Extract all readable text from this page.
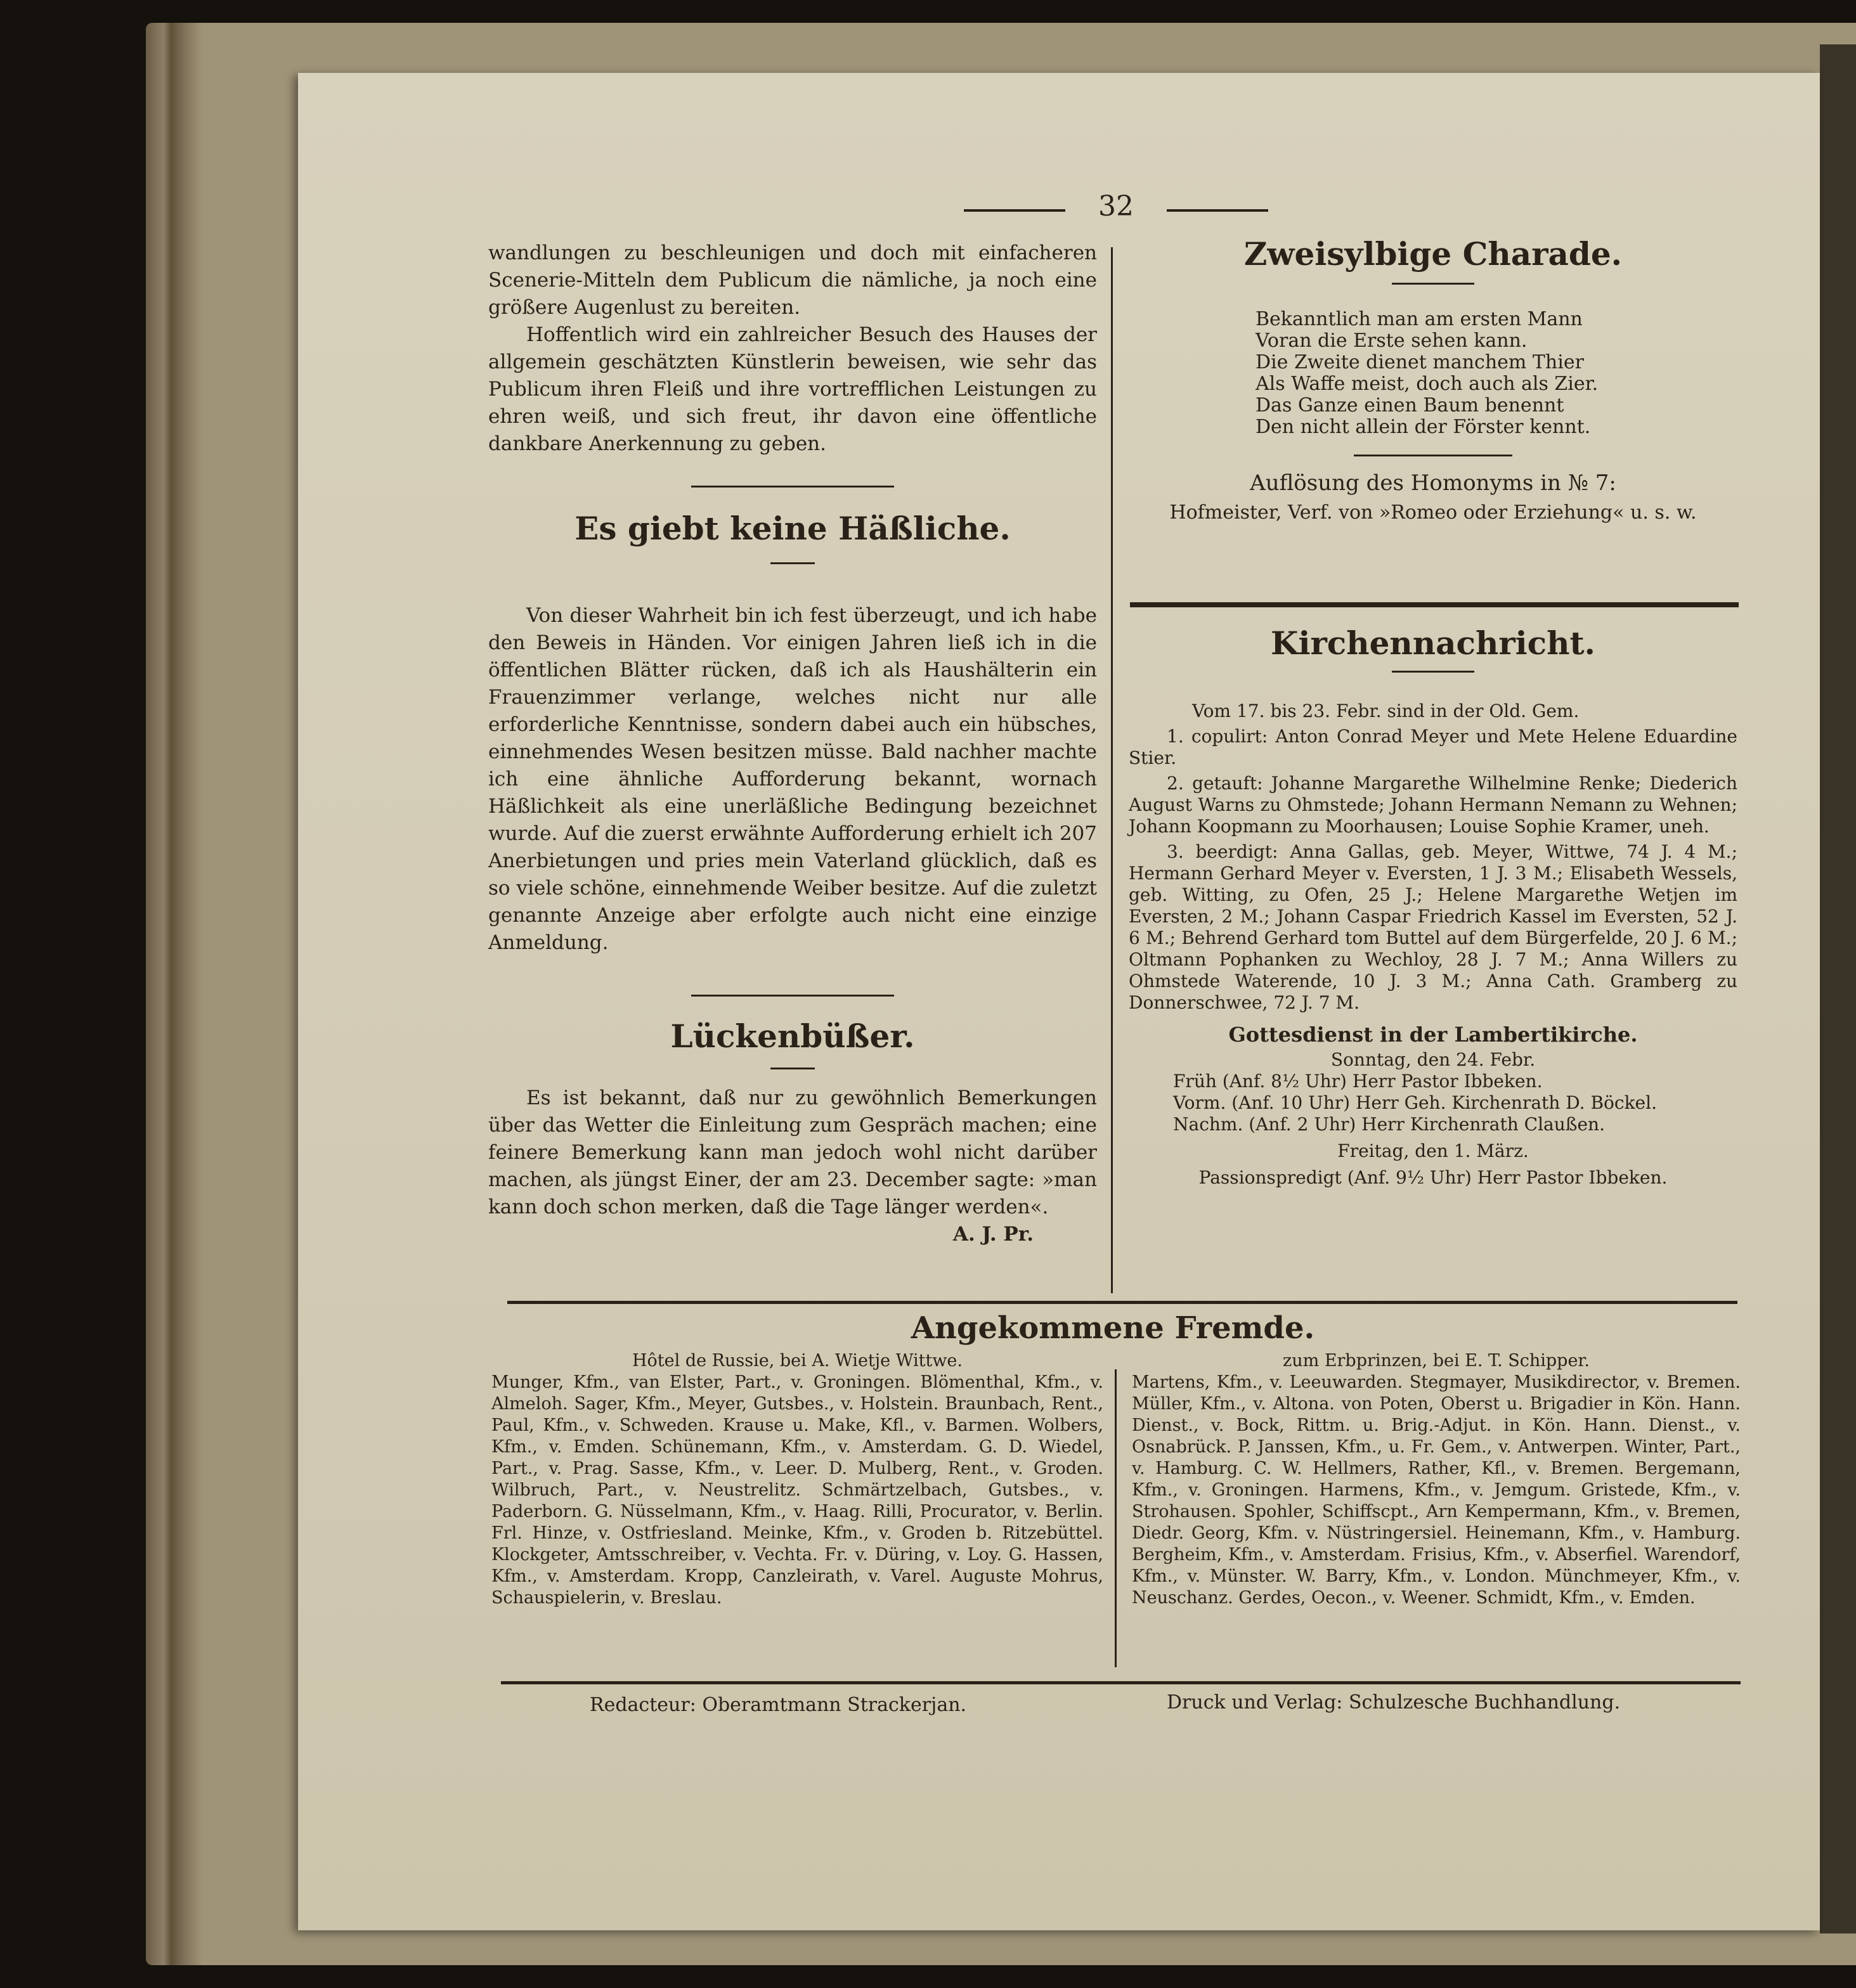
32

wandlungen zu beschleunigen und doch mit einfacheren Scenerie-Mitteln dem Publicum die nämliche, ja noch eine größere Augenlust zu bereiten.

Hoffentlich wird ein zahlreicher Besuch des Hauses der allgemein geschätzten Künstlerin beweisen, wie sehr das Publicum ihren Fleiß und ihre vortrefflichen Leistungen zu ehren weiß, und sich freut, ihr davon eine öffentliche dankbare Anerkennung zu geben.

Es giebt keine Häßliche.

Von dieser Wahrheit bin ich fest überzeugt, und ich habe den Beweis in Händen. Vor einigen Jahren ließ ich in die öffentlichen Blätter rücken, daß ich als Haushälterin ein Frauenzimmer verlange, welches nicht nur alle erforderliche Kenntnisse, sondern dabei auch ein hübsches, einnehmendes Wesen besitzen müsse. Bald nachher machte ich eine ähnliche Aufforderung bekannt, wornach Häßlichkeit als eine unerläßliche Bedingung bezeichnet wurde. Auf die zuerst erwähnte Aufforderung erhielt ich 207 Anerbietungen und pries mein Vaterland glücklich, daß es so viele schöne, einnehmende Weiber besitze. Auf die zuletzt genannte Anzeige aber erfolgte auch nicht eine einzige Anmeldung.

Lückenbüßer.

Es ist bekannt, daß nur zu gewöhnlich Bemerkungen über das Wetter die Einleitung zum Gespräch machen; eine feinere Bemerkung kann man jedoch wohl nicht darüber machen, als jüngst Einer, der am 23. December sagte: »man kann doch schon merken, daß die Tage länger werden«.

A. J. Pr.
Zweisylbige Charade.
Bekanntlich man am ersten Mann
Voran die Erste sehen kann.
Die Zweite dienet manchem Thier
Als Waffe meist, doch auch als Zier.
Das Ganze einen Baum benennt
Den nicht allein der Förster kennt.
Auflösung des Homonyms in № 7:
Hofmeister, Verf. von »Romeo oder Erziehung« u. s. w.
Kirchennachricht.

Vom 17. bis 23. Febr. sind in der Old. Gem.

1. copulirt: Anton Conrad Meyer und Mete Helene Eduardine Stier.

2. getauft: Johanne Margarethe Wilhelmine Renke; Diederich August Warns zu Ohmstede; Johann Hermann Nemann zu Wehnen; Johann Koopmann zu Moorhausen; Louise Sophie Kramer, uneh.

3. beerdigt: Anna Gallas, geb. Meyer, Wittwe, 74 J. 4 M.; Hermann Gerhard Meyer v. Eversten, 1 J. 3 M.; Elisabeth Wessels, geb. Witting, zu Ofen, 25 J.; Helene Margarethe Wetjen im Eversten, 2 M.; Johann Caspar Friedrich Kassel im Eversten, 52 J. 6 M.; Behrend Gerhard tom Buttel auf dem Bürgerfelde, 20 J. 6 M.; Oltmann Pophanken zu Wechloy, 28 J. 7 M.; Anna Willers zu Ohmstede Waterende, 10 J. 3 M.; Anna Cath. Gramberg zu Donnerschwee, 72 J. 7 M.

Gottesdienst in der Lambertikirche.
Sonntag, den 24. Febr.
Früh (Anf. 8½ Uhr) Herr Pastor Ibbeken.
Vorm. (Anf. 10 Uhr) Herr Geh. Kirchenrath D. Böckel.
Nachm. (Anf. 2 Uhr) Herr Kirchenrath Claußen.
Freitag, den 1. März.
Passionspredigt (Anf. 9½ Uhr) Herr Pastor Ibbeken.
Angekommene Fremde.
Hôtel de Russie, bei A. Wietje Wittwe.

Munger, Kfm., van Elster, Part., v. Groningen. Blömenthal, Kfm., v. Almeloh. Sager, Kfm., Meyer, Gutsbes., v. Holstein. Braunbach, Rent., Paul, Kfm., v. Schweden. Krause u. Make, Kfl., v. Barmen. Wolbers, Kfm., v. Emden. Schünemann, Kfm., v. Amsterdam. G. D. Wiedel, Part., v. Prag. Sasse, Kfm., v. Leer. D. Mulberg, Rent., v. Groden. Wilbruch, Part., v. Neustrelitz. Schmärtzelbach, Gutsbes., v. Paderborn. G. Nüsselmann, Kfm., v. Haag. Rilli, Procurator, v. Berlin. Frl. Hinze, v. Ostfriesland. Meinke, Kfm., v. Groden b. Ritzebüttel. Klockgeter, Amtsschreiber, v. Vechta. Fr. v. Düring, v. Loy. G. Hassen, Kfm., v. Amsterdam. Kropp, Canzleirath, v. Varel. Auguste Mohrus, Schauspielerin, v. Breslau.

zum Erbprinzen, bei E. T. Schipper.

Martens, Kfm., v. Leeuwarden. Stegmayer, Musikdirector, v. Bremen. Müller, Kfm., v. Altona. von Poten, Oberst u. Brigadier in Kön. Hann. Dienst., v. Bock, Rittm. u. Brig.-Adjut. in Kön. Hann. Dienst., v. Osnabrück. P. Janssen, Kfm., u. Fr. Gem., v. Antwerpen. Winter, Part., v. Hamburg. C. W. Hellmers, Rather, Kfl., v. Bremen. Bergemann, Kfm., v. Groningen. Harmens, Kfm., v. Jemgum. Gristede, Kfm., v. Strohausen. Spohler, Schiffscpt., Arn Kempermann, Kfm., v. Bremen, Diedr. Georg, Kfm. v. Nüstringersiel. Heinemann, Kfm., v. Hamburg. Bergheim, Kfm., v. Amsterdam. Frisius, Kfm., v. Abserfiel. Warendorf, Kfm., v. Münster. W. Barry, Kfm., v. London. Münchmeyer, Kfm., v. Neuschanz. Gerdes, Oecon., v. Weener. Schmidt, Kfm., v. Emden.

Redacteur: Oberamtmann Strackerjan.	Druck und Verlag: Schulzesche Buchhandlung.
